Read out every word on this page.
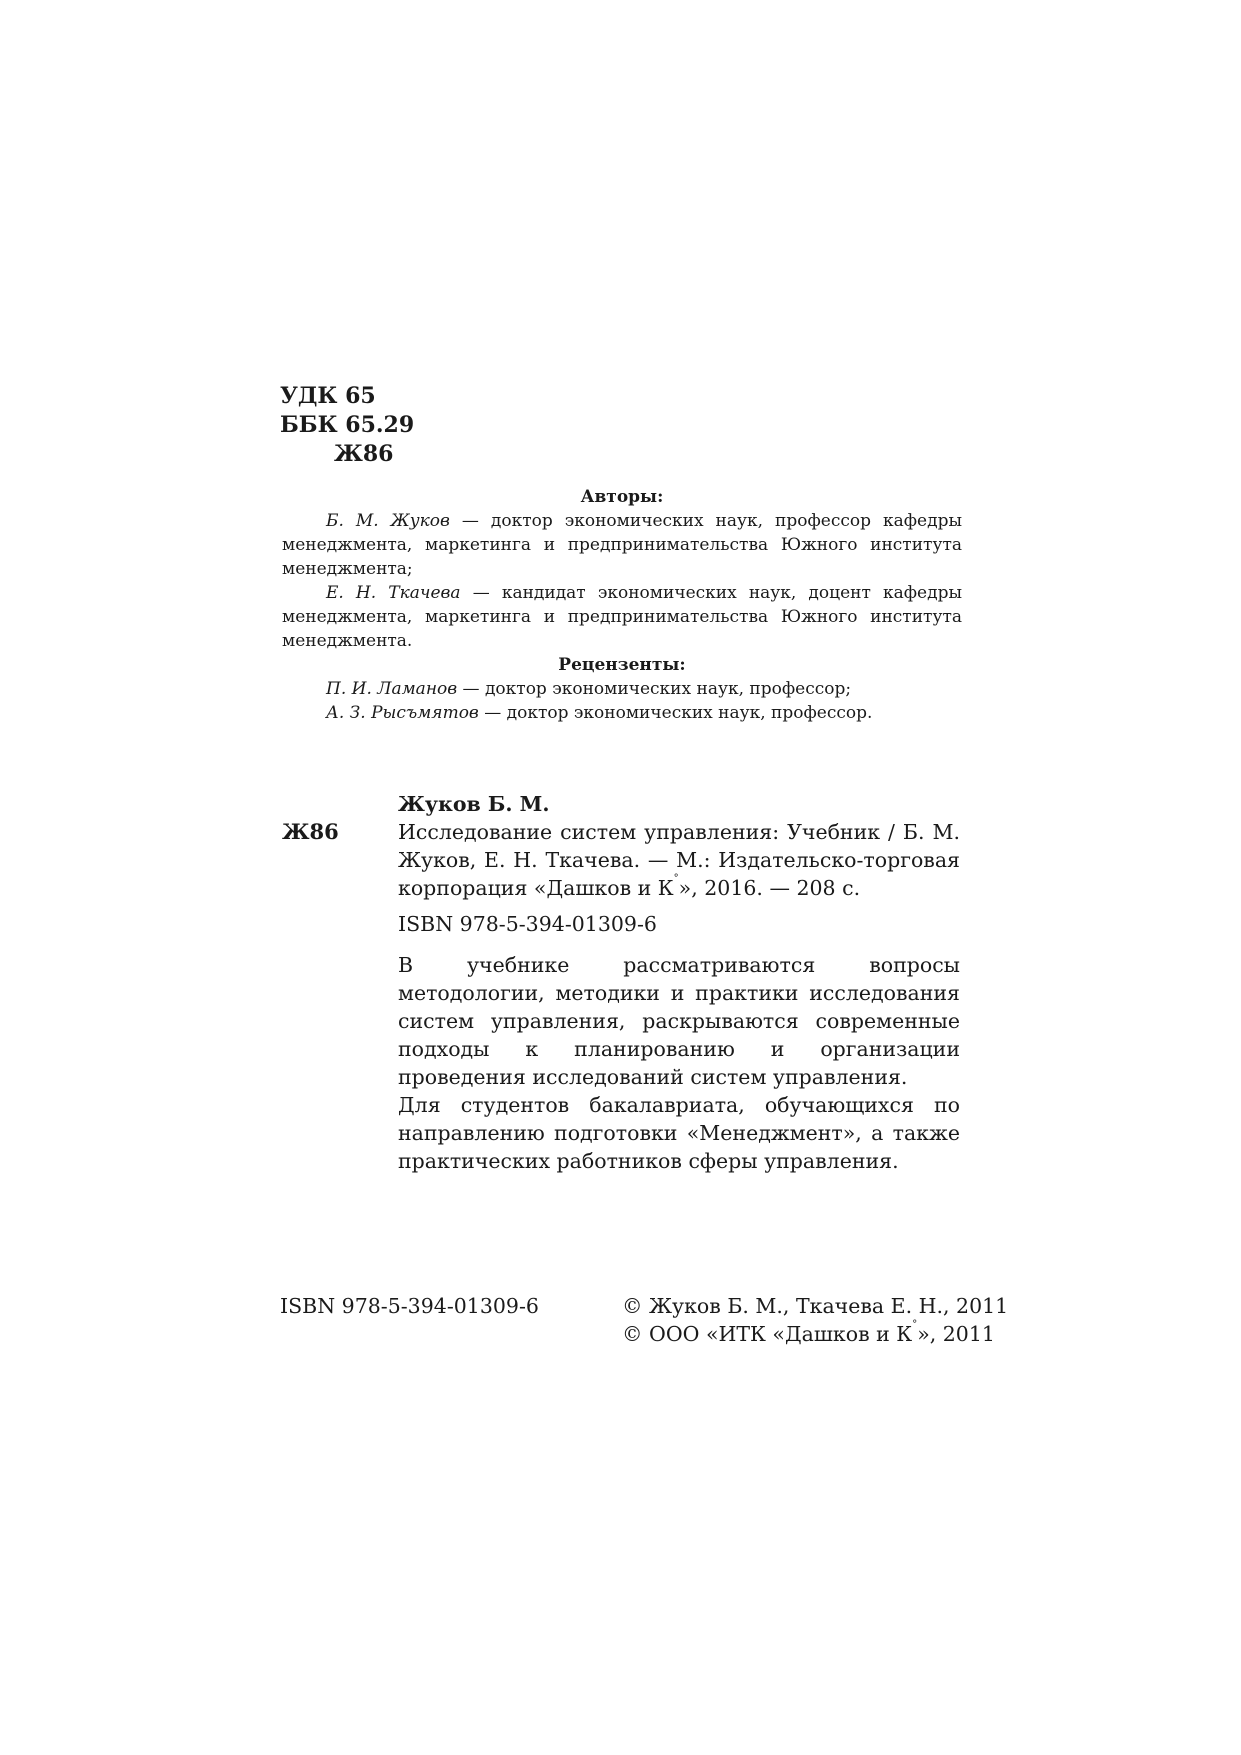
УДК 65
ББК 65.29
Ж86
Авторы:
Б. М. Жуков — доктор экономических наук, профессор кафедры менеджмента, маркетинга и предпринимательства Южного института менеджмента;
Е. Н. Ткачева — кандидат экономических наук, доцент кафедры менеджмента, маркетинга и предпринимательства Южного института менеджмента.
Рецензенты:
П. И. Ламанов — доктор экономических наук, профессор;
А. З. Рысъмятов — доктор экономических наук, профессор.
Ж86
Жуков Б. М.
Исследование систем управления: Учебник / Б. М. Жуков, Е. Н. Ткачева. — М.: Издательско-торговая корпорация «Дашков и К°», 2016. — 208 с.
ISBN 978-5-394-01309-6
В учебнике рассматриваются вопросы методологии, методики и практики исследования систем управления, раскрываются современные подходы к планированию и организации проведения исследований систем управления.
Для студентов бакалавриата, обучающихся по направлению подготовки «Менеджмент», а также практических работников сферы управления.
ISBN 978-5-394-01309-6	© Жуков Б. М., Ткачева Е. Н., 2011
© ООО «ИТК «Дашков и К°», 2011
